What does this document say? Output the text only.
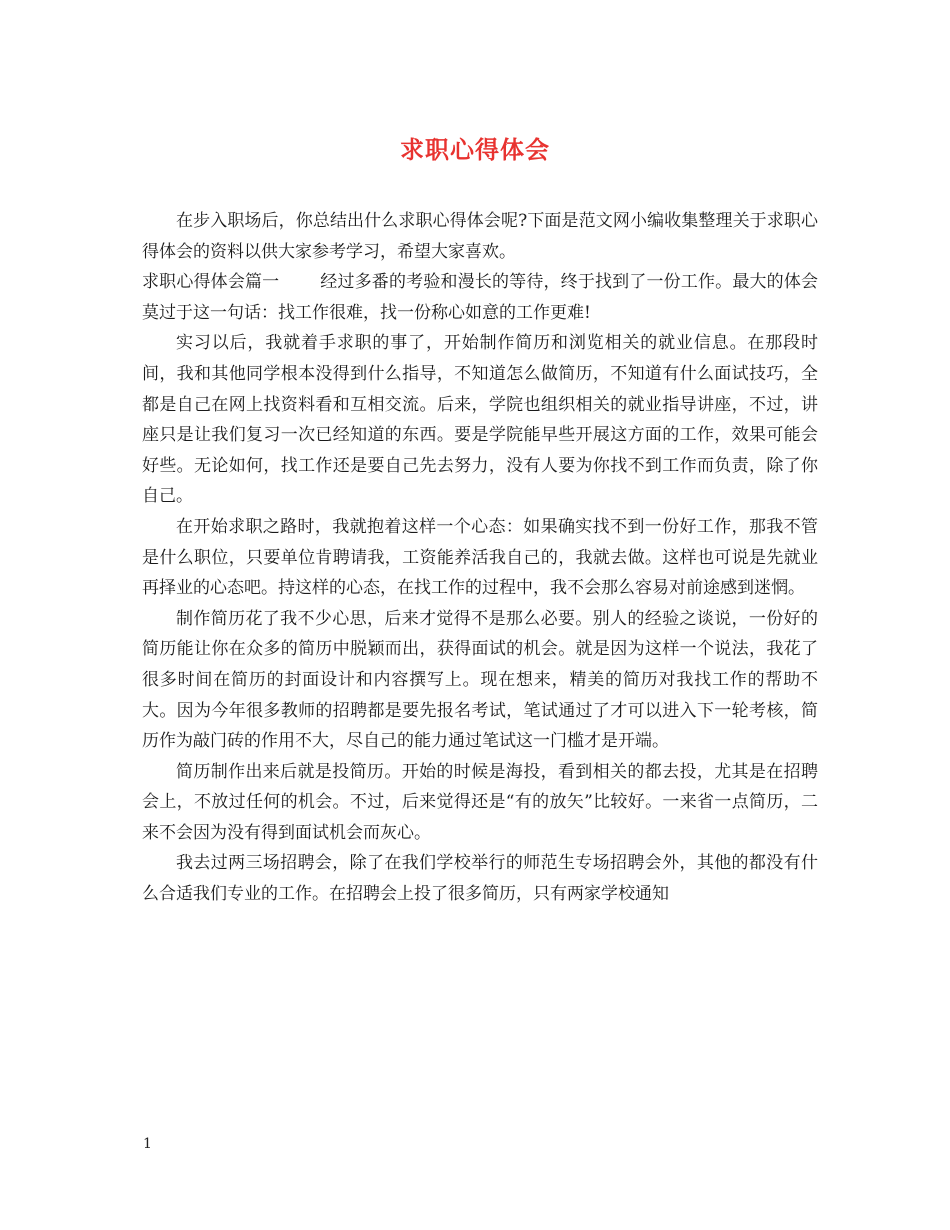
求职心得体会

在步入职场后，你总结出什么求职心得体会呢?下面是范文网小编收集整理关于求职心得体会的资料以供大家参考学习，希望大家喜欢。

求职心得体会篇一 经过多番的考验和漫长的等待，终于找到了一份工作。最大的体会莫过于这一句话：找工作很难，找一份称心如意的工作更难!

实习以后，我就着手求职的事了，开始制作简历和浏览相关的就业信息。在那段时间，我和其他同学根本没得到什么指导，不知道怎么做简历，不知道有什么面试技巧，全都是自己在网上找资料看和互相交流。后来，学院也组织相关的就业指导讲座，不过，讲座只是让我们复习一次已经知道的东西。要是学院能早些开展这方面的工作，效果可能会好些。无论如何，找工作还是要自己先去努力，没有人要为你找不到工作而负责，除了你自己。

在开始求职之路时，我就抱着这样一个心态：如果确实找不到一份好工作，那我不管是什么职位，只要单位肯聘请我，工资能养活我自己的，我就去做。这样也可说是先就业再择业的心态吧。持这样的心态，在找工作的过程中，我不会那么容易对前途感到迷惘。

制作简历花了我不少心思，后来才觉得不是那么必要。别人的经验之谈说，一份好的简历能让你在众多的简历中脱颖而出，获得面试的机会。就是因为这样一个说法，我花了很多时间在简历的封面设计和内容撰写上。现在想来，精美的简历对我找工作的帮助不大。因为今年很多教师的招聘都是要先报名考试，笔试通过了才可以进入下一轮考核，简历作为敲门砖的作用不大，尽自己的能力通过笔试这一门槛才是开端。

简历制作出来后就是投简历。开始的时候是海投，看到相关的都去投，尤其是在招聘会上，不放过任何的机会。不过，后来觉得还是“有的放矢”比较好。一来省一点简历，二来不会因为没有得到面试机会而灰心。

我去过两三场招聘会，除了在我们学校举行的师范生专场招聘会外，其他的都没有什么合适我们专业的工作。在招聘会上投了很多简历，只有两家学校通知

1
